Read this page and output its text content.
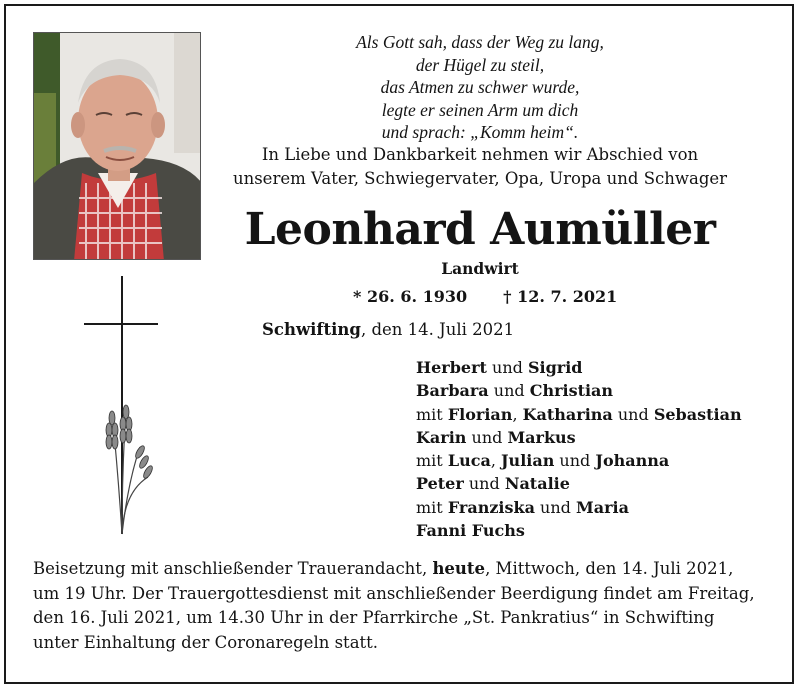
Als Gott sah, dass der Weg zu lang,
der Hügel zu steil,
das Atmen zu schwer wurde,
legte er seinen Arm um dich
und sprach: „Komm heim“.
In Liebe und Dankbarkeit nehmen wir Abschied von
unserem Vater, Schwiegervater, Opa, Uropa und Schwager
Leonhard Aumüller
Landwirt
* 26. 6. 1930 † 12. 7. 2021
Schwifting, den 14. Juli 2021
Herbert und Sigrid
Barbara und Christian
mit Florian, Katharina und Sebastian
Karin und Markus
mit Luca, Julian und Johanna
Peter und Natalie
mit Franziska und Maria
Fanni Fuchs
Beisetzung mit anschließender Trauerandacht, heute, Mittwoch, den 14. Juli 2021,
um 19 Uhr. Der Trauergottesdienst mit anschließender Beerdigung findet am Freitag,
den 16. Juli 2021, um 14.30 Uhr in der Pfarrkirche „St. Pankratius“ in Schwifting
unter Einhaltung der Coronaregeln statt.
